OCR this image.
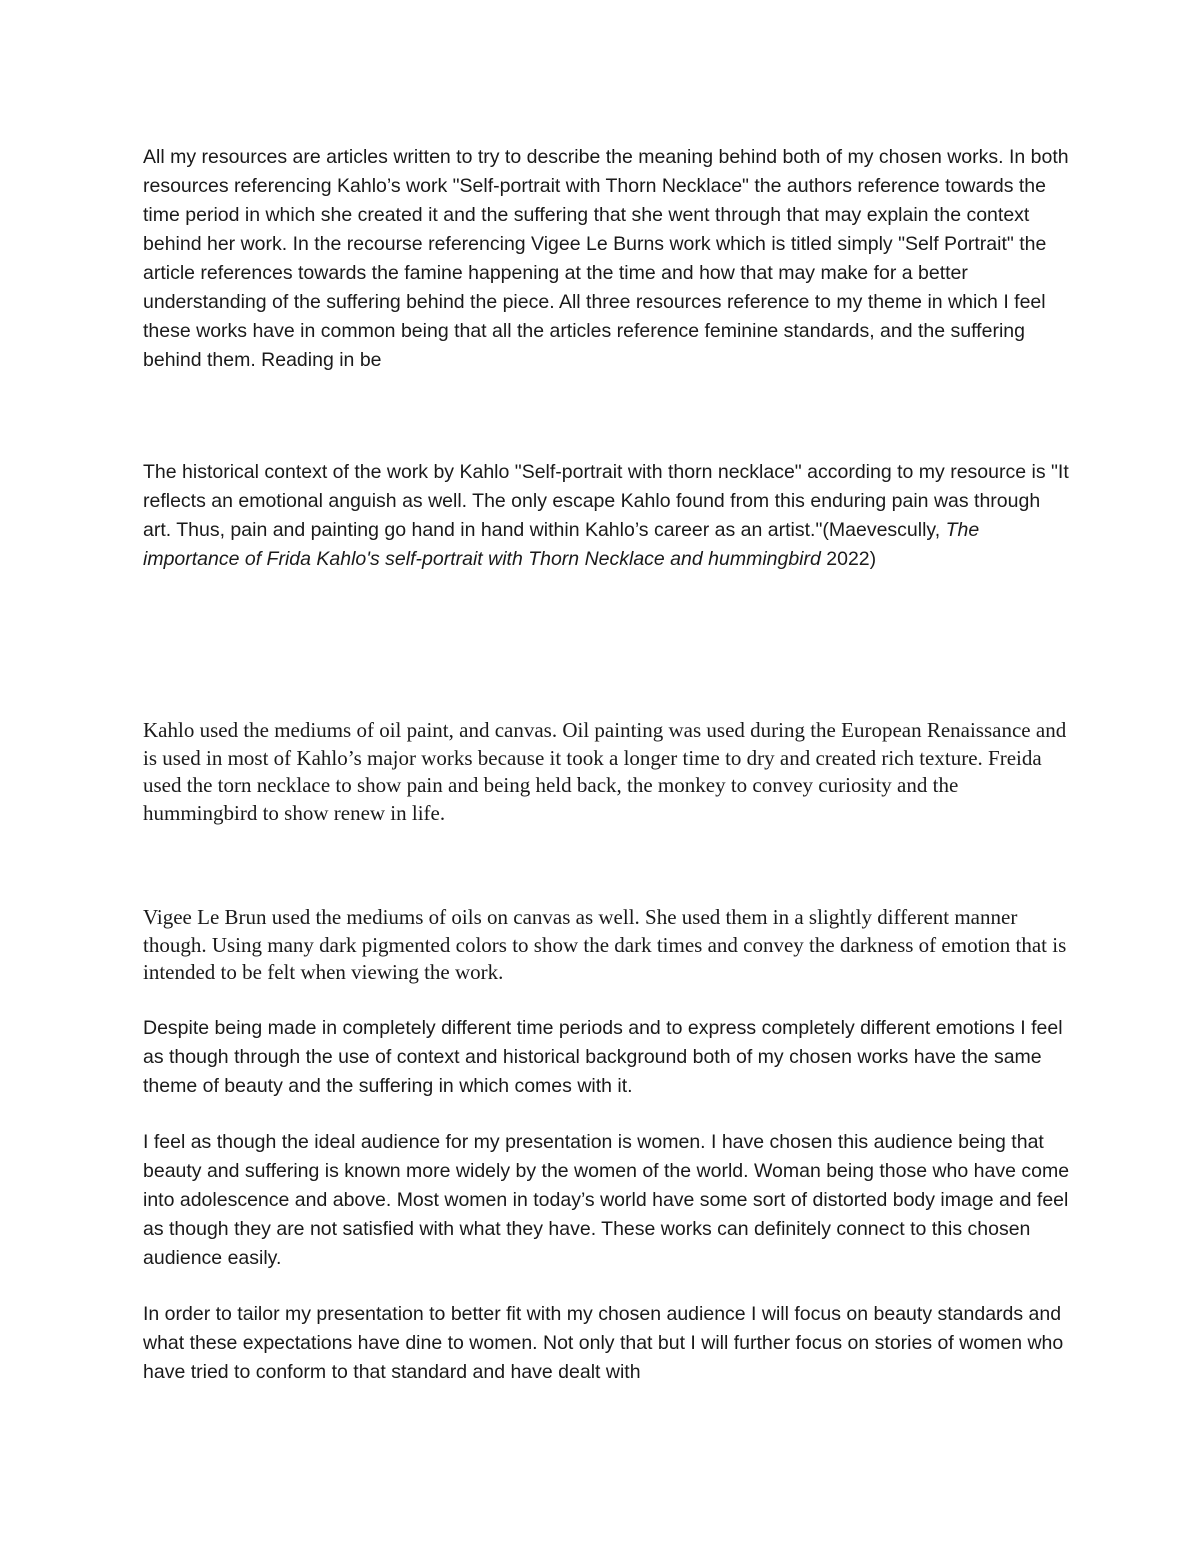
All my resources are articles written to try to describe the meaning behind both of my chosen works. In both resources referencing Kahlo’s work "Self-portrait with Thorn Necklace" the authors reference towards the time period in which she created it and the suffering that she went through that may explain the context behind her work. In the recourse referencing Vigee Le Burns work which is titled simply "Self Portrait" the article references towards the famine happening at the time and how that may make for a better understanding of the suffering behind the piece. All three resources reference to my theme in which I feel these works have in common being that all the articles reference feminine standards, and the suffering behind them. Reading in be

The historical context of the work by Kahlo "Self-portrait with thorn necklace" according to my resource is "It reflects an emotional anguish as well. The only escape Kahlo found from this enduring pain was through art. Thus, pain and painting go hand in hand within Kahlo’s career as an artist."(Maevescully, The importance of Frida Kahlo's self-portrait with Thorn Necklace and hummingbird 2022)

Kahlo used the mediums of oil paint, and canvas. Oil painting was used during the European Renaissance and is used in most of Kahlo’s major works because it took a longer time to dry and created rich texture. Freida used the torn necklace to show pain and being held back, the monkey to convey curiosity and the hummingbird to show renew in life.

Vigee Le Brun used the mediums of oils on canvas as well. She used them in a slightly different manner though. Using many dark pigmented colors to show the dark times and convey the darkness of emotion that is intended to be felt when viewing the work.

Despite being made in completely different time periods and to express completely different emotions I feel as though through the use of context and historical background both of my chosen works have the same theme of beauty and the suffering in which comes with it.

I feel as though the ideal audience for my presentation is women. I have chosen this audience being that beauty and suffering is known more widely by the women of the world. Woman being those who have come into adolescence and above. Most women in today’s world have some sort of distorted body image and feel as though they are not satisfied with what they have. These works can definitely connect to this chosen audience easily.

In order to tailor my presentation to better fit with my chosen audience I will focus on beauty standards and what these expectations have dine to women. Not only that but I will further focus on stories of women who have tried to conform to that standard and have dealt with
